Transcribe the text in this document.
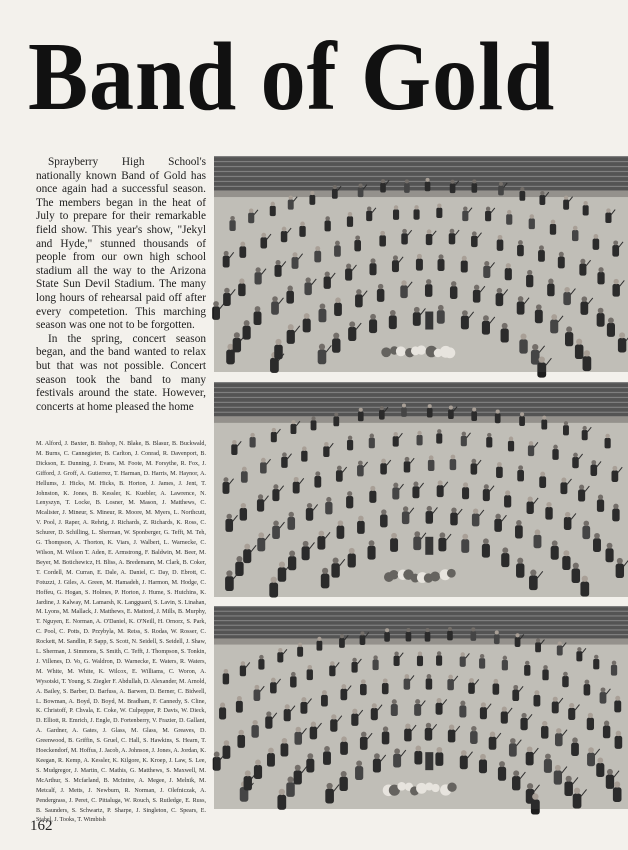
Band of Gold

Sprayberry High School's nationally known Band of Gold has once again had a successful season. The members began in the heat of July to prepare for their remarkable field show. This year's show, "Jekyl and Hyde," stunned thousands of people from our own high school stadium all the way to the Arizona State Sun Devil Stadium. The many long hours of rehearsal paid off after every competetion. This marching season was one not to be forgotten.

In the spring, concert season began, and the band wanted to relax but that was not possible. Concert season took the band to many festivals around the state. However, concerts at home pleased the home

M. Alford, J. Baxter, B. Bishop, N. Blake, B. Blasur, B. Buckwald, M. Burns, C. Cannegieter, B. Carlton, J. Conrad, R. Davenport, B. Dickson, E. Dunning, J. Evans, M. Foote, M. Forsythe, R. Fox, J. Gifford, J. Groff, A. Gutierrez, T. Harman, D. Harris, M. Haynor, A. Hellums, J. Hicks, M. Hicks, B. Horton, J. James, J. Jent, T. Johnston, K. Jones, B. Kessler, K. Kuebler, A. Lawrence, N. Lenyszyn, T. Locke, B. Losner, M. Mason, J. Matthews, C. Mcalister, J. Mineur, S. Mineur, R. Moore, M. Myers, L. Northcutt, V. Pool, J. Raper, A. Rehrig, J. Richards, Z. Richards, K. Ross, C. Schurer, D. Schilling, L. Sherman, W. Sponberger, G. Tefft, M. Teh, G. Thompson, A. Thorton, K. Viars, J. Walbert, L. Warnecke, C. Wilson, M. Wilson T. Aden, E. Armstrong, F. Baldwin, M. Beer, M. Beyer, M. Botichewicz, H. Bliss, A. Bredemann, M. Clark, B. Coker, T. Cordell, M. Curran, E. Dale, A. Daniel, C. Day, D. Ebrott, C. Fotuzzi, J. Giles, A. Green, M. Hamadeh, J. Harmon, M. Hodge, C. Hoffeu, G. Hogan, S. Holmes, P. Horton, J. Hume, S. Hutchins, K. Jardine, J. Kalway, M. Lamarsh, K. Langguard, S. Lavin, S. Linahan, M. Lyons, M. Mallack, J. Matthews, E. Mattord, J. Mills, B. Murphy, T. Nguyen, E. Norman, A. O'Daniel, K. O'Neill, H. Ornorz, S. Park, C. Pool, C. Potts, D. Przybyla, M. Reiss, S. Rodas, W. Rosser, C. Rockett, M. Sandlin, P. Sapp, S. Scott, N. Seidell, S. Seidell, J. Shaw, L. Sherman, J. Simmons, S. Smith, C. Tefft, J. Thompson, S. Tonkin, J. Villenes, D. Vo, G. Waldron, D. Warnecke, E. Waters, R. Waters, M. White, M. White, K. Wilcox, E. Williams, C. Woron, A. Wysotski, T. Young, S. Ziegler F. Abdullah, D. Alexander, M. Arnold, A. Bailey, S. Barber, D. Barfuss, A. Barwen, D. Berner, C. Bidwell, L. Bowman, A. Boyd, D. Boyd, M. Bradham, F. Cannedy, S. Cline, K. Christoff, P. Chvala, E. Coke, W. Culpepper, P. Davis, W. Dieck, D. Elliott, R. Emrich, J. Engle, D. Fortenberry, V. Frazier, D. Gallant, A. Gardner, A. Gates, J. Glass, M. Glass, M. Greaves, D. Greenwood, B. Griffin, S. Gruel, C. Hall, S. Hawkins, S. Hearn, T. Hoeckendorf, M. Hoffus, J. Jacob, A. Johnson, J. Jones, A. Jordan, K. Keegan, R. Kemp, A. Kessler, K. Kilgore, K. Kroep, J. Law, S. Lee, S. Mudgregor, J. Martin, C. Mathis, G. Matthews, S. Maxwell, M. McArthur, S. Mcfarland, B. McIntire, A. Megee, J. Melnik, M. Metcalf, J. Metts, J. Newburn, R. Norman, J. Olefniczak, A. Pendergrass, J. Peret, C. Pittaluga, W. Rouch, S. Rutledge, E. Russ, B. Saunders, S. Schwartz, P. Sharpe, J. Singleton, C. Spears, E. Stabel, J. Tooks, T. Wimbish
162
